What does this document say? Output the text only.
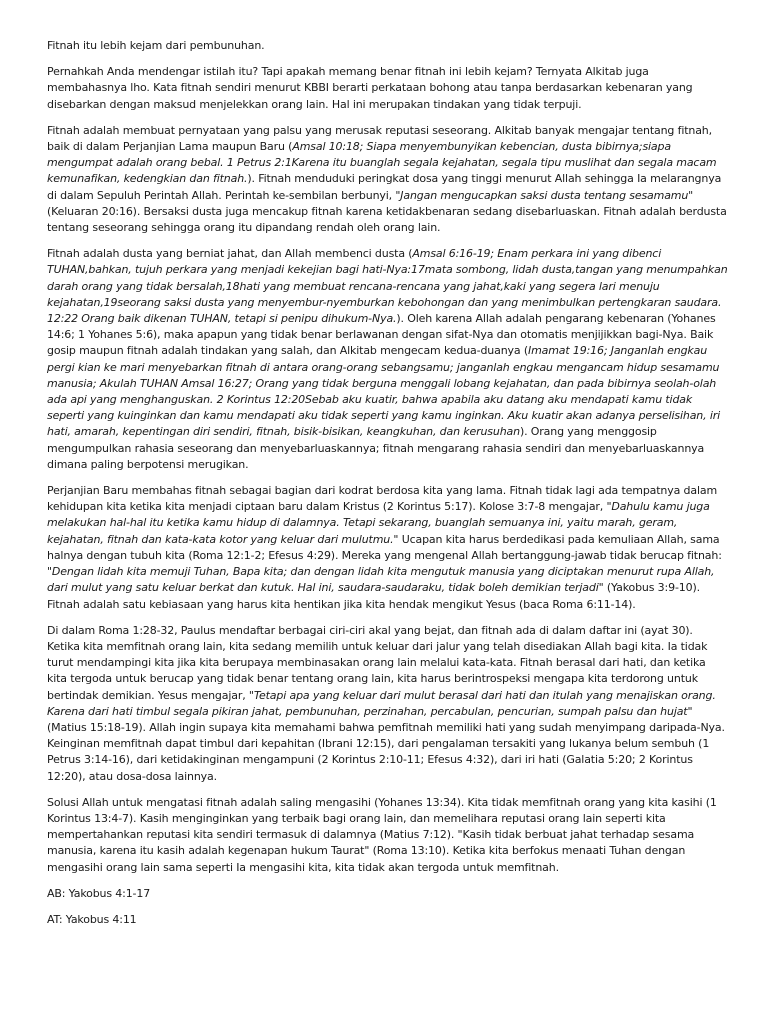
Fitnah itu lebih kejam dari pembunuhan.

Pernahkah Anda mendengar istilah itu? Tapi apakah memang benar fitnah ini lebih kejam? Ternyata Alkitab juga membahasnya lho. Kata fitnah sendiri menurut KBBI berarti perkataan bohong atau tanpa berdasarkan kebenaran yang disebarkan dengan maksud menjelekkan orang lain. Hal ini merupakan tindakan yang tidak terpuji.

Fitnah adalah membuat pernyataan yang palsu yang merusak reputasi seseorang. Alkitab banyak mengajar tentang fitnah, baik di dalam Perjanjian Lama maupun Baru (Amsal 10:18; Siapa menyembunyikan kebencian, dusta bibirnya;siapa mengumpat adalah orang bebal. 1 Petrus 2:1Karena itu buanglah segala kejahatan, segala tipu muslihat dan segala macam kemunafikan, kedengkian dan fitnah.). Fitnah menduduki peringkat dosa yang tinggi menurut Allah sehingga Ia melarangnya di dalam Sepuluh Perintah Allah. Perintah ke-sembilan berbunyi, "Jangan mengucapkan saksi dusta tentang sesamamu" (Keluaran 20:16). Bersaksi dusta juga mencakup fitnah karena ketidakbenaran sedang disebarluaskan. Fitnah adalah berdusta tentang seseorang sehingga orang itu dipandang rendah oleh orang lain.

Fitnah adalah dusta yang berniat jahat, dan Allah membenci dusta (Amsal 6:16-19; Enam perkara ini yang dibenci TUHAN,bahkan, tujuh perkara yang menjadi kekejian bagi hati-Nya:17mata sombong, lidah dusta,tangan yang menumpahkan darah orang yang tidak bersalah,18hati yang membuat rencana-rencana yang jahat,kaki yang segera lari menuju kejahatan,19seorang saksi dusta yang menyembur-nyemburkan kebohongan dan yang menimbulkan pertengkaran saudara. 12:22 Orang baik dikenan TUHAN, tetapi si penipu dihukum-Nya.). Oleh karena Allah adalah pengarang kebenaran (Yohanes 14:6; 1 Yohanes 5:6), maka apapun yang tidak benar berlawanan dengan sifat-Nya dan otomatis menjijikkan bagi-Nya. Baik gosip maupun fitnah adalah tindakan yang salah, dan Alkitab mengecam kedua-duanya (Imamat 19:16; Janganlah engkau pergi kian ke mari menyebarkan fitnah di antara orang-orang sebangsamu; janganlah engkau mengancam hidup sesamamu manusia; Akulah TUHAN Amsal 16:27; Orang yang tidak berguna menggali lobang kejahatan, dan pada bibirnya seolah-olah ada api yang menghanguskan. 2 Korintus 12:20Sebab aku kuatir, bahwa apabila aku datang aku mendapati kamu tidak seperti yang kuinginkan dan kamu mendapati aku tidak seperti yang kamu inginkan. Aku kuatir akan adanya perselisihan, iri hati, amarah, kepentingan diri sendiri, fitnah, bisik-bisikan, keangkuhan, dan kerusuhan). Orang yang menggosip mengumpulkan rahasia seseorang dan menyebarluaskannya; fitnah mengarang rahasia sendiri dan menyebarluaskannya dimana paling berpotensi merugikan.

Perjanjian Baru membahas fitnah sebagai bagian dari kodrat berdosa kita yang lama. Fitnah tidak lagi ada tempatnya dalam kehidupan kita ketika kita menjadi ciptaan baru dalam Kristus (2 Korintus 5:17). Kolose 3:7-8 mengajar, "Dahulu kamu juga melakukan hal-hal itu ketika kamu hidup di dalamnya. Tetapi sekarang, buanglah semuanya ini, yaitu marah, geram, kejahatan, fitnah dan kata-kata kotor yang keluar dari mulutmu." Ucapan kita harus berdedikasi pada kemuliaan Allah, sama halnya dengan tubuh kita (Roma 12:1-2; Efesus 4:29). Mereka yang mengenal Allah bertanggung-jawab tidak berucap fitnah: "Dengan lidah kita memuji Tuhan, Bapa kita; dan dengan lidah kita mengutuk manusia yang diciptakan menurut rupa Allah, dari mulut yang satu keluar berkat dan kutuk. Hal ini, saudara-saudaraku, tidak boleh demikian terjadi" (Yakobus 3:9-10). Fitnah adalah satu kebiasaan yang harus kita hentikan jika kita hendak mengikut Yesus (baca Roma 6:11-14).

Di dalam Roma 1:28-32, Paulus mendaftar berbagai ciri-ciri akal yang bejat, dan fitnah ada di dalam daftar ini (ayat 30). Ketika kita memfitnah orang lain, kita sedang memilih untuk keluar dari jalur yang telah disediakan Allah bagi kita. Ia tidak turut mendampingi kita jika kita berupaya membinasakan orang lain melalui kata-kata. Fitnah berasal dari hati, dan ketika kita tergoda untuk berucap yang tidak benar tentang orang lain, kita harus berintrospeksi mengapa kita terdorong untuk bertindak demikian. Yesus mengajar, "Tetapi apa yang keluar dari mulut berasal dari hati dan itulah yang menajiskan orang. Karena dari hati timbul segala pikiran jahat, pembunuhan, perzinahan, percabulan, pencurian, sumpah palsu dan hujat" (Matius 15:18-19). Allah ingin supaya kita memahami bahwa pemfitnah memiliki hati yang sudah menyimpang daripada-Nya. Keinginan memfitnah dapat timbul dari kepahitan (Ibrani 12:15), dari pengalaman tersakiti yang lukanya belum sembuh (1 Petrus 3:14-16), dari ketidakinginan mengampuni (2 Korintus 2:10-11; Efesus 4:32), dari iri hati (Galatia 5:20; 2 Korintus 12:20), atau dosa-dosa lainnya.

Solusi Allah untuk mengatasi fitnah adalah saling mengasihi (Yohanes 13:34). Kita tidak memfitnah orang yang kita kasihi (1 Korintus 13:4-7). Kasih menginginkan yang terbaik bagi orang lain, dan memelihara reputasi orang lain seperti kita mempertahankan reputasi kita sendiri termasuk di dalamnya (Matius 7:12). "Kasih tidak berbuat jahat terhadap sesama manusia, karena itu kasih adalah kegenapan hukum Taurat" (Roma 13:10). Ketika kita berfokus menaati Tuhan dengan mengasihi orang lain sama seperti Ia mengasihi kita, kita tidak akan tergoda untuk memfitnah.

AB: Yakobus 4:1-17

AT: Yakobus 4:11
